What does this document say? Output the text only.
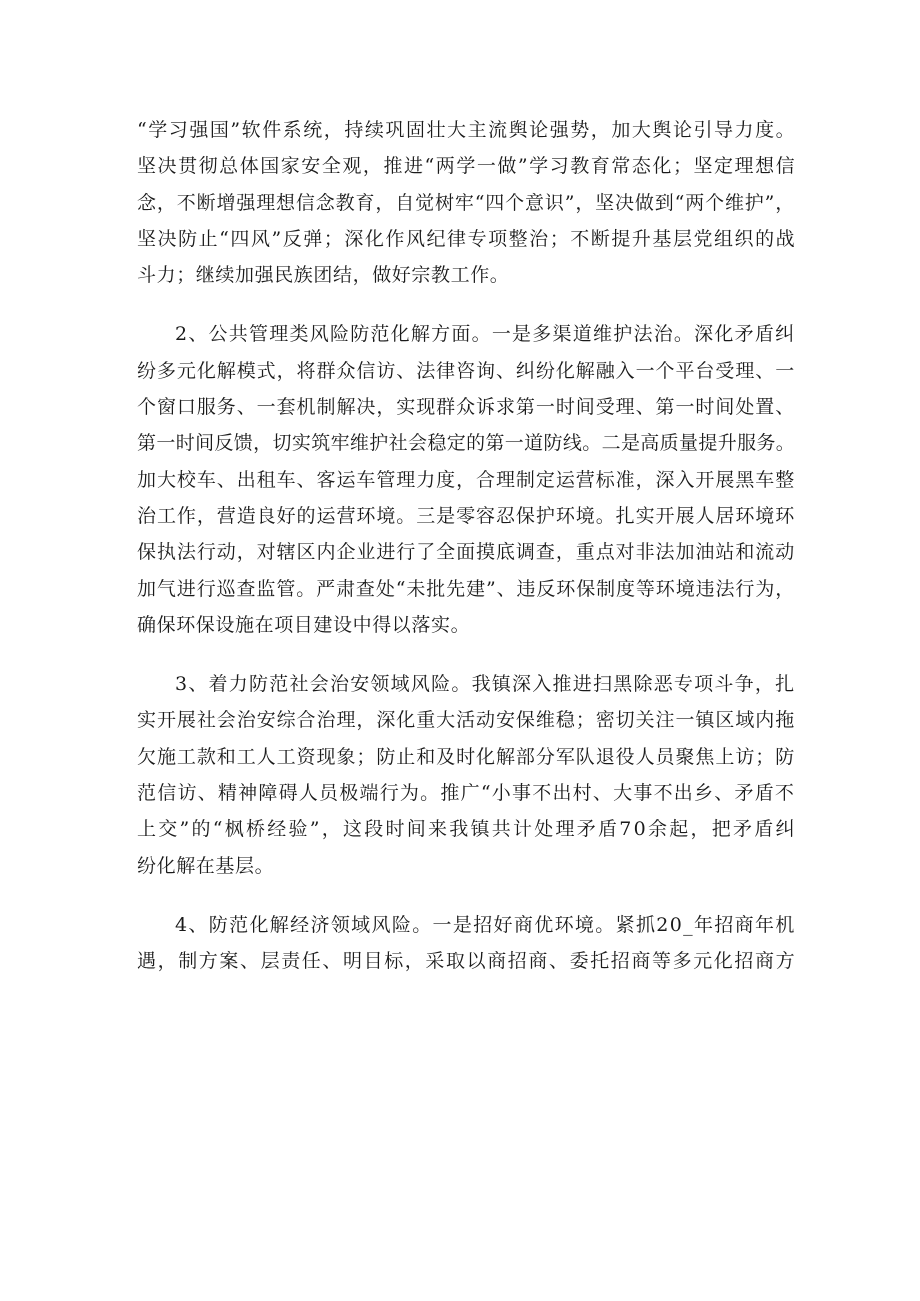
“学习强国”软件系统，持续巩固壮大主流舆论强势，加大舆论引导力度。
坚决贯彻总体国家安全观，推进“两学一做”学习教育常态化；坚定理想信
念，不断增强理想信念教育，自觉树牢“四个意识”，坚决做到“两个维护”，
坚决防止“四风”反弹；深化作风纪律专项整治；不断提升基层党组织的战
斗力；继续加强民族团结，做好宗教工作。
2、公共管理类风险防范化解方面。一是多渠道维护法治。深化矛盾纠
纷多元化解模式，将群众信访、法律咨询、纠纷化解融入一个平台受理、一
个窗口服务、一套机制解决，实现群众诉求第一时间受理、第一时间处置、
第一时间反馈，切实筑牢维护社会稳定的第一道防线。二是高质量提升服务。
加大校车、出租车、客运车管理力度，合理制定运营标准，深入开展黑车整
治工作，营造良好的运营环境。三是零容忍保护环境。扎实开展人居环境环
保执法行动，对辖区内企业进行了全面摸底调查，重点对非法加油站和流动
加气进行巡查监管。严肃查处“未批先建”、违反环保制度等环境违法行为，
确保环保设施在项目建设中得以落实。
3、着力防范社会治安领域风险。我镇深入推进扫黑除恶专项斗争，扎
实开展社会治安综合治理，深化重大活动安保维稳；密切关注一镇区域内拖
欠施工款和工人工资现象；防止和及时化解部分军队退役人员聚焦上访；防
范信访、精神障碍人员极端行为。推广“小事不出村、大事不出乡、矛盾不
上交”的“枫桥经验”，这段时间来我镇共计处理矛盾70余起，把矛盾纠
纷化解在基层。
4、防范化解经济领域风险。一是招好商优环境。紧抓20_年招商年机
遇，制方案、层责任、明目标，采取以商招商、委托招商等多元化招商方
